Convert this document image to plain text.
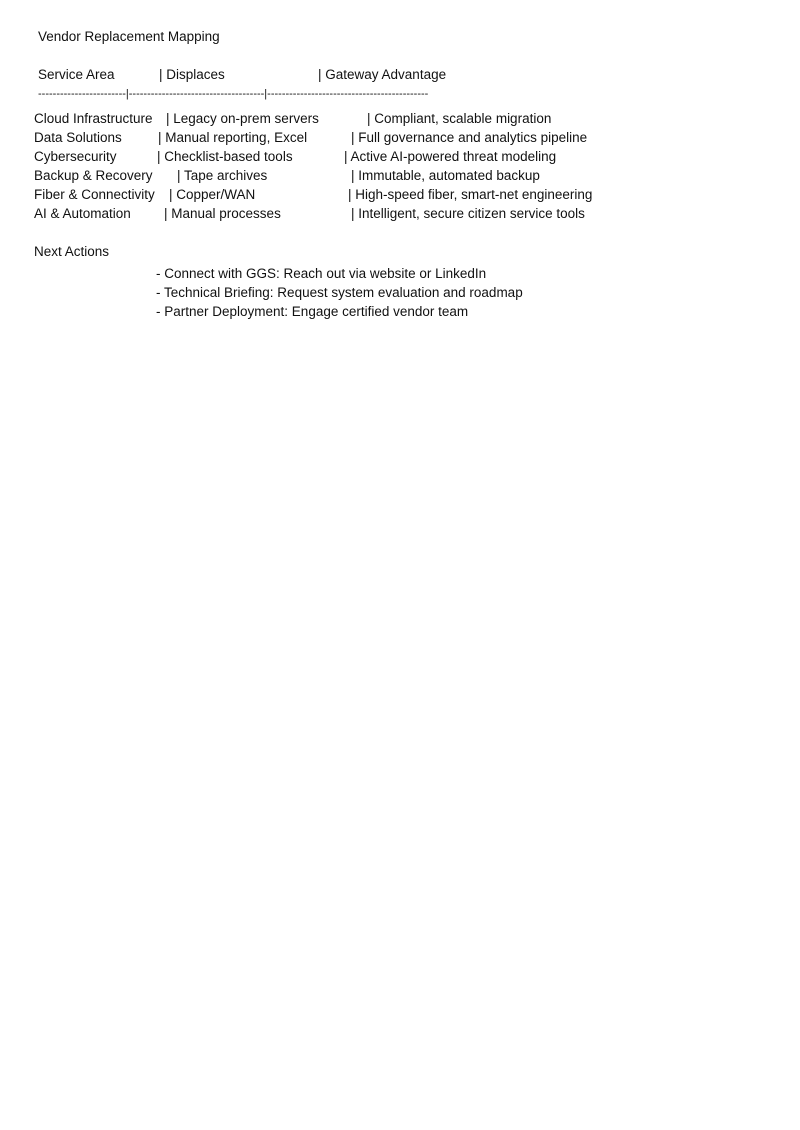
Vendor Replacement Mapping
Service Area	| Displaces	| Gateway Advantage
------------------------|-------------------------------------|--------------------------------------------
Cloud Infrastructure | Legacy on-prem servers	| Compliant, scalable migration
Data Solutions	| Manual reporting, Excel	| Full governance and analytics pipeline
Cybersecurity	| Checklist-based tools	| Active AI-powered threat modeling
Backup & Recovery | Tape archives	| Immutable, automated backup
Fiber & Connectivity | Copper/WAN	| High-speed fiber, smart-net engineering
AI & Automation | Manual processes	| Intelligent, secure citizen service tools
Next Actions
- Connect with GGS: Reach out via website or LinkedIn
- Technical Briefing: Request system evaluation and roadmap
- Partner Deployment: Engage certified vendor team
